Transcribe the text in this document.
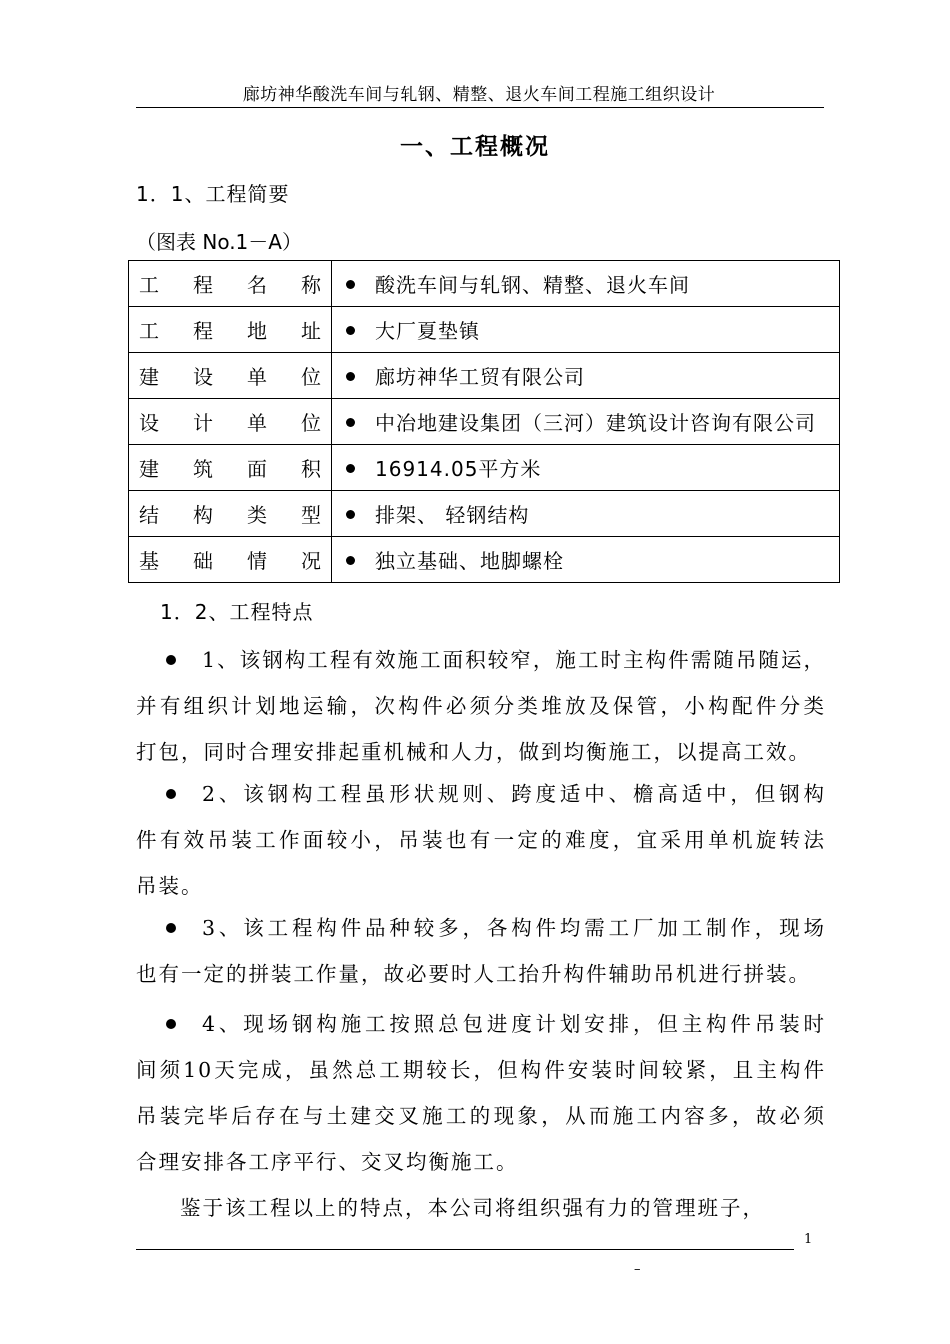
廊坊神华酸洗车间与轧钢、精整、退火车间工程施工组织设计
一、工程概况
1．1、工程简要
（图表 No.1－A）
工 程 名 称	酸洗车间与轧钢、精整、退火车间

工 程 地 址	大厂夏垫镇

建 设 单 位	廊坊神华工贸有限公司

设 计 单 位	中冶地建设集团（三河）建筑设计咨询有限公司

建 筑 面 积	16914.05平方米

结 构 类 型	排架、 轻钢结构

基 础 情 况	独立基础、地脚螺栓
1．2、工程特点
1、该钢构工程有效施工面积较窄，施工时主构件需随吊随运，
并有组织计划地运输，次构件必须分类堆放及保管，小构配件分类
打包，同时合理安排起重机械和人力，做到均衡施工，以提高工效。
2、该钢构工程虽形状规则、跨度适中、檐高适中，但钢构
件有效吊装工作面较小，吊装也有一定的难度，宜采用单机旋转法
吊装。
3、该工程构件品种较多，各构件均需工厂加工制作，现场
也有一定的拼装工作量，故必要时人工抬升构件辅助吊机进行拼装。
4、现场钢构施工按照总包进度计划安排，但主构件吊装时
间须10天完成，虽然总工期较长，但构件安装时间较紧，且主构件
吊装完毕后存在与土建交叉施工的现象，从而施工内容多，故必须
合理安排各工序平行、交叉均衡施工。
鉴于该工程以上的特点，本公司将组织强有力的管理班子，
1
–
